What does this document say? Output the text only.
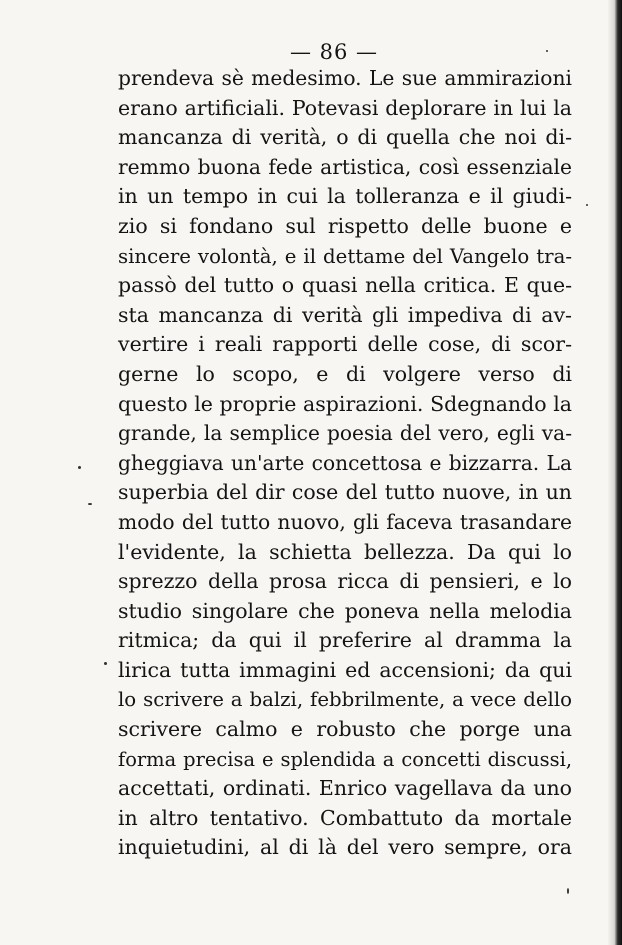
— 86 —
prendeva sè medesimo. Le sue ammirazioni
erano artificiali. Potevasi deplorare in lui la
mancanza di verità, o di quella che noi di-
remmo buona fede artistica, così essenziale
in un tempo in cui la tolleranza e il giudi-
zio si fondano sul rispetto delle buone e
sincere volontà, e il dettame del Vangelo tra-
passò del tutto o quasi nella critica. E que-
sta mancanza di verità gli impediva di av-
vertire i reali rapporti delle cose, di scor-
gerne lo scopo, e di volgere verso di
questo le proprie aspirazioni. Sdegnando la
grande, la semplice poesia del vero, egli va-
gheggiava un'arte concettosa e bizzarra. La
superbia del dir cose del tutto nuove, in un
modo del tutto nuovo, gli faceva trasandare
l'evidente, la schietta bellezza. Da qui lo
sprezzo della prosa ricca di pensieri, e lo
studio singolare che poneva nella melodia
ritmica; da qui il preferire al dramma la
lirica tutta immagini ed accensioni; da qui
lo scrivere a balzi, febbrilmente, a vece dello
scrivere calmo e robusto che porge una
forma precisa e splendida a concetti discussi,
accettati, ordinati. Enrico vagellava da uno
in altro tentativo. Combattuto da mortale
inquietudini, al di là del vero sempre, ora
